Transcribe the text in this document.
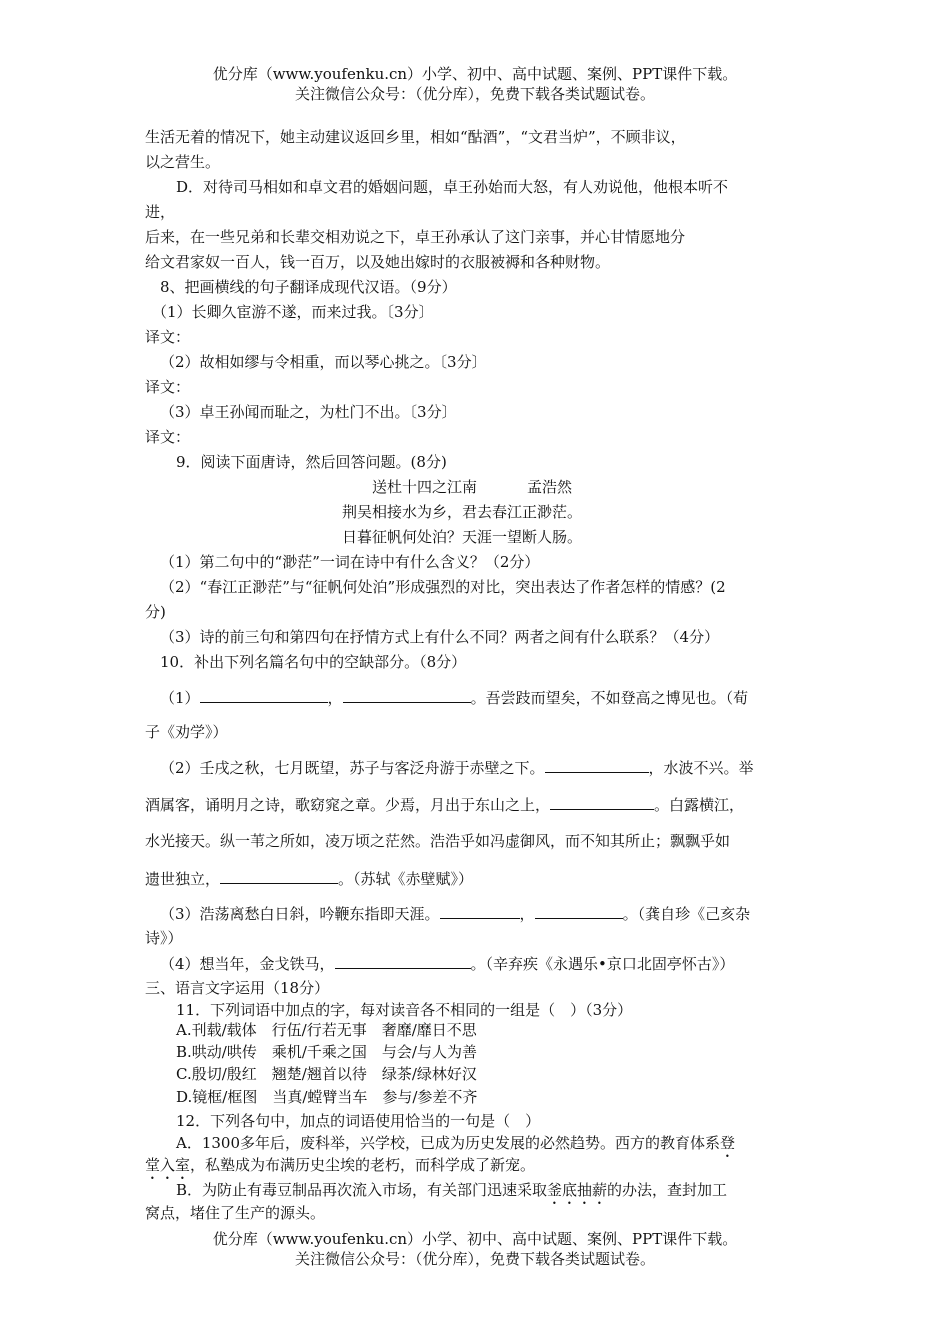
优分库（www.youfenku.cn）小学、初中、高中试题、案例、PPT课件下载。
关注微信公众号：（优分库），免费下载各类试题试卷。
生活无着的情况下，她主动建议返回乡里，相如“酤酒”，“文君当炉”，不顾非议，
以之营生。
D．对待司马相如和卓文君的婚姻问题，卓王孙始而大怒，有人劝说他，他根本听不
进，
后来，在一些兄弟和长辈交相劝说之下，卓王孙承认了这门亲事，并心甘情愿地分
给文君家奴一百人，钱一百万，以及她出嫁时的衣服被褥和各种财物。
8、把画横线的句子翻译成现代汉语。（9分）
（1）长卿久宦游不遂，而来过我。〔3分〕
译文：
（2）故相如缪与令相重，而以琴心挑之。〔3分〕
译文：
（3）卓王孙闻而耻之，为杜门不出。〔3分〕
译文：
9．阅读下面唐诗，然后回答问题。(8分)
送杜十四之江南	孟浩然
荆吴相接水为乡，君去春江正渺茫。
日暮征帆何处泊？天涯一望断人肠。
（1）第二句中的“渺茫”一词在诗中有什么含义？（2分）
（2）“春江正渺茫”与“征帆何处泊”形成强烈的对比，突出表达了作者怎样的情感？(2
分)
（3）诗的前三句和第四句在抒情方式上有什么不同？两者之间有什么联系？（4分）
10．补出下列名篇名句中的空缺部分。（8分）
（1）	，	。吾尝跂而望矣，不如登高之博见也。（荀
子《劝学》）
（2）壬戌之秋，七月既望，苏子与客泛舟游于赤壁之下。	，水波不兴。举
酒属客，诵明月之诗，歌窈窕之章。少焉，月出于东山之上，	。白露横江，
水光接天。纵一苇之所如，凌万顷之茫然。浩浩乎如冯虚御风，而不知其所止；飘飘乎如
遗世独立，	。（苏轼《赤壁赋》）
（3）浩荡离愁白日斜，吟鞭东指即天涯。	，	。（龚自珍《己亥杂
诗》）
（4）想当年，金戈铁马，	。（辛弃疾《永遇乐•京口北固亭怀古》）
三、语言文字运用（18分）
11．下列词语中加点的字，每对读音各不相同的一组是（　）（3分）
A.刊载/载体　行伍/行若无事　奢靡/靡日不思
B.哄动/哄传　乘机/千乘之国　与会/与人为善
C.殷切/殷红　翘楚/翘首以待　绿茶/绿林好汉
D.镜框/框图　当真/螳臂当车　参与/参差不齐
12．下列各句中，加点的词语使用恰当的一句是（　）
A．1300多年后，废科举，兴学校，已成为历史发展的必然趋势。西方的教育体系登
堂入室，私塾成为布满历史尘埃的老朽，而科学成了新宠。
B．为防止有毒豆制品再次流入市场，有关部门迅速采取釜底抽薪的办法，查封加工
窝点，堵住了生产的源头。
优分库（www.youfenku.cn）小学、初中、高中试题、案例、PPT课件下载。
关注微信公众号：（优分库），免费下载各类试题试卷。
